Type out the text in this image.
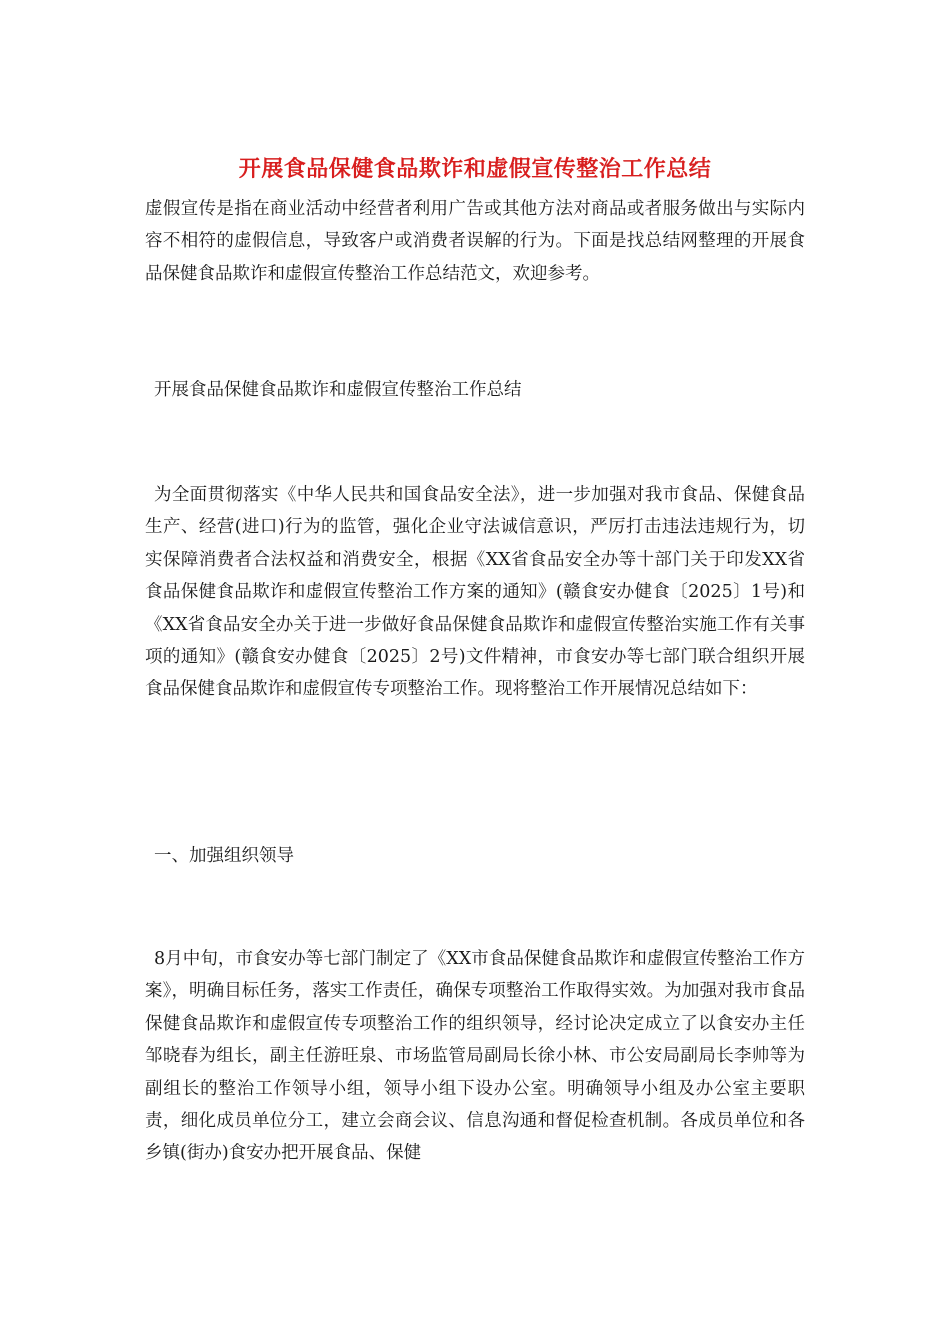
开展食品保健食品欺诈和虚假宣传整治工作总结
虚假宣传是指在商业活动中经营者利用广告或其他方法对商品或者服务做出与实际内容不相符的虚假信息，导致客户或消费者误解的行为。下面是找总结网整理的开展食品保健食品欺诈和虚假宣传整治工作总结范文，欢迎参考。
开展食品保健食品欺诈和虚假宣传整治工作总结
为全面贯彻落实《中华人民共和国食品安全法》，进一步加强对我市食品、保健食品生产、经营(进口)行为的监管，强化企业守法诚信意识，严厉打击违法违规行为，切实保障消费者合法权益和消费安全，根据《XX省食品安全办等十部门关于印发XX省食品保健食品欺诈和虚假宣传整治工作方案的通知》(赣食安办健食〔2025〕1号)和《XX省食品安全办关于进一步做好食品保健食品欺诈和虚假宣传整治实施工作有关事项的通知》(赣食安办健食〔2025〕2号)文件精神，市食安办等七部门联合组织开展食品保健食品欺诈和虚假宣传专项整治工作。现将整治工作开展情况总结如下：
一、加强组织领导
8月中旬，市食安办等七部门制定了《XX市食品保健食品欺诈和虚假宣传整治工作方案》，明确目标任务，落实工作责任，确保专项整治工作取得实效。为加强对我市食品保健食品欺诈和虚假宣传专项整治工作的组织领导，经讨论决定成立了以食安办主任邹晓春为组长，副主任游旺泉、市场监管局副局长徐小林、市公安局副局长李帅等为副组长的整治工作领导小组，领导小组下设办公室。明确领导小组及办公室主要职责，细化成员单位分工，建立会商会议、信息沟通和督促检查机制。各成员单位和各乡镇(街办)食安办把开展食品、保健
